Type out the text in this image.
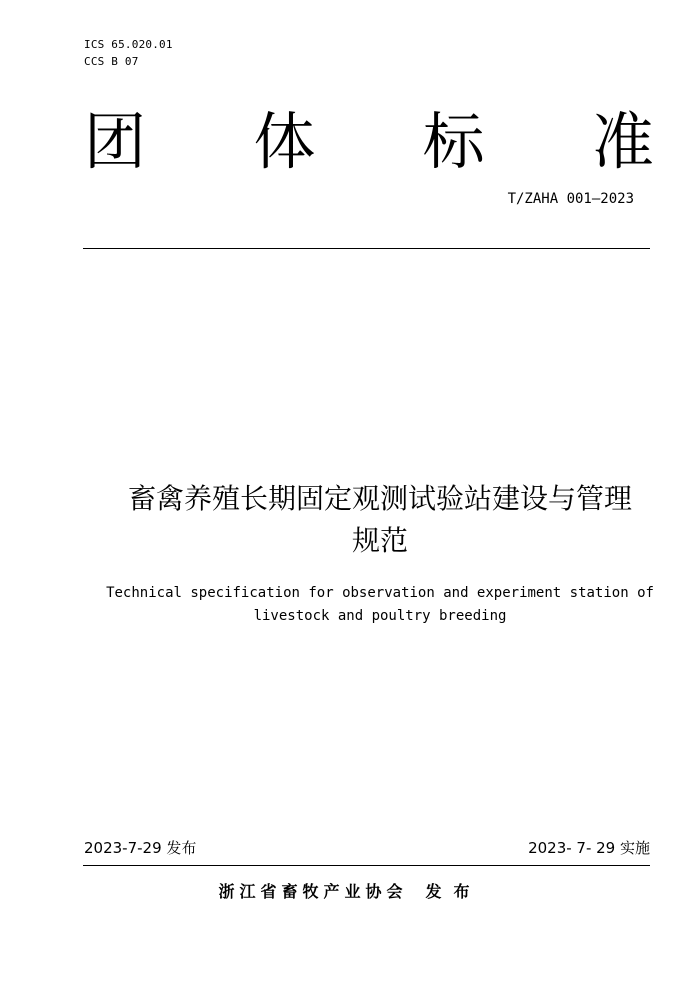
ICS 65.020.01
CCS B 07
团 体 标 准
T/ZAHA 001—2023
畜禽养殖长期固定观测试验站建设与管理
规范
Technical specification for observation and experiment station of
livestock and poultry breeding
2023-7-29 发布	2023- 7- 29 实施
浙江省畜牧产业协会 发布
